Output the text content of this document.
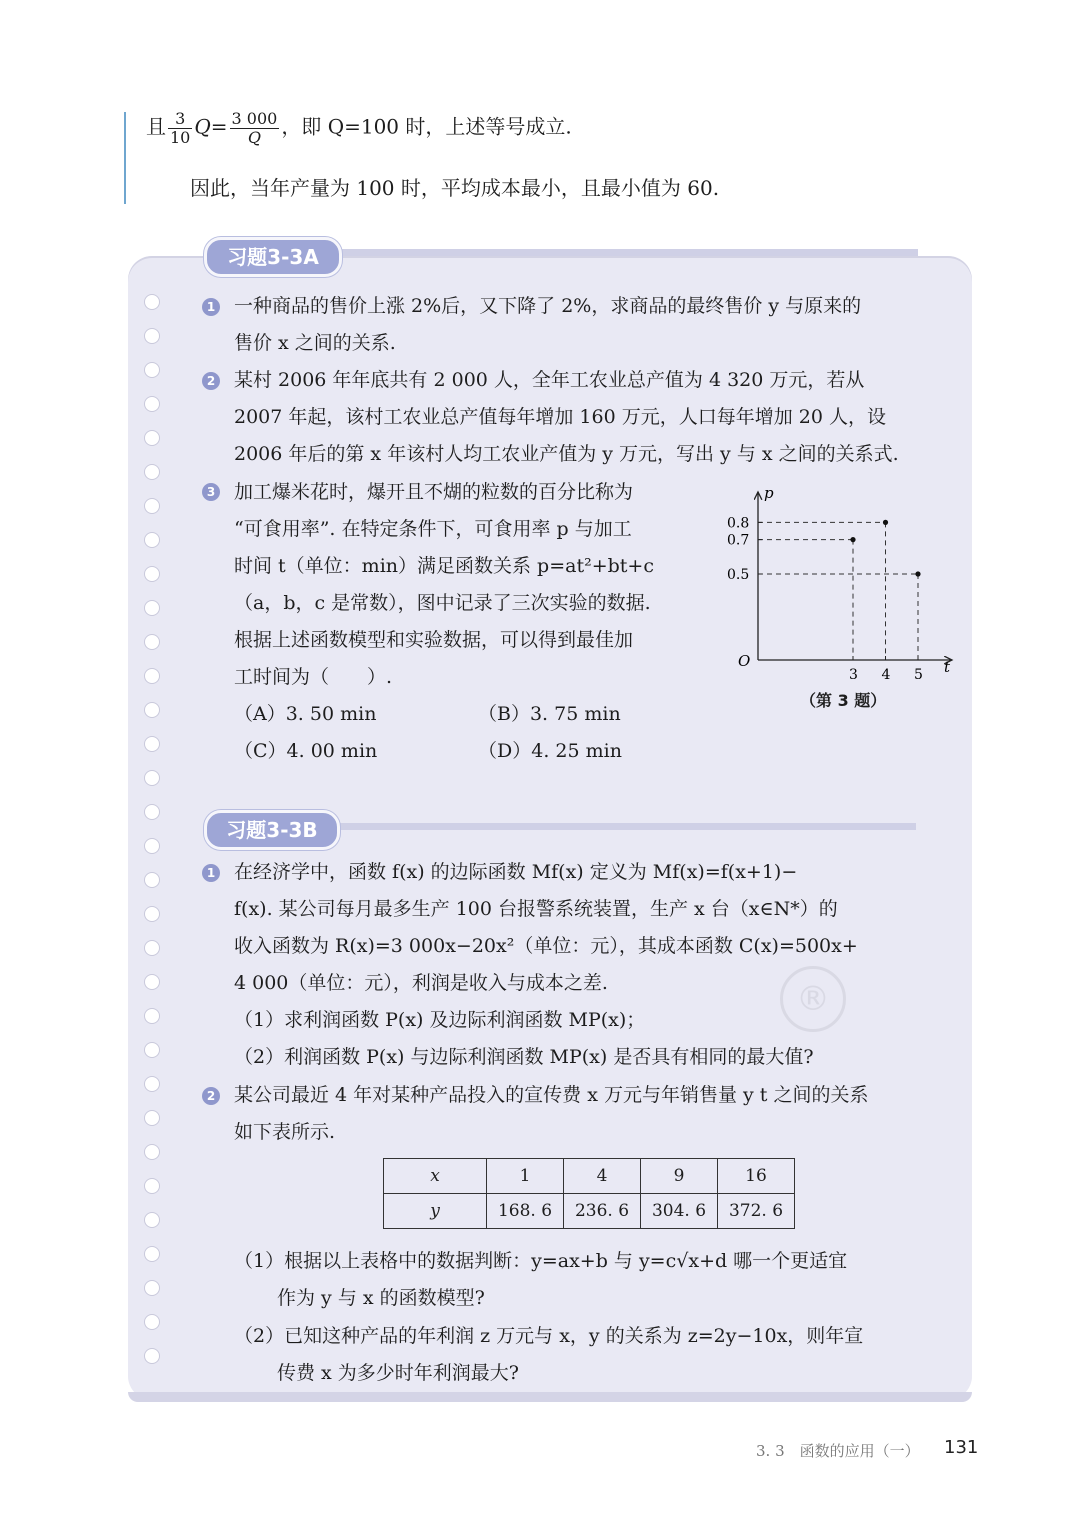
且 $\frac{3}{10} Q= \frac{3 000}{Q}$ ，即 Q=100 时，上述等号成立.
因此，当年产量为 100 时，平均成本最小，且最小值为 60.
习题3-3A
1 一种商品的售价上涨 2%后，又下降了 2%，求商品的最终售价 y 与原来的
售价 x 之间的关系.
2 某村 2006 年年底共有 2 000 人，全年工农业总产值为 4 320 万元，若从
2007 年起，该村工农业总产值每年增加 160 万元，人口每年增加 20 人，设
2006 年后的第 x 年该村人均工农业产值为 y 万元，写出 y 与 x 之间的关系式.
3 加工爆米花时，爆开且不煳的粒数的百分比称为
“可食用率”. 在特定条件下，可食用率 p 与加工
时间 t（单位：min）满足函数关系 p=at²+bt+c
（a，b，c 是常数），图中记录了三次实验的数据.
根据上述函数模型和实验数据，可以得到最佳加
工时间为（　　）.
（A）3. 50 min	（B）3. 75 min
（C）4. 00 min	（D）4. 25 min
p
t
O
3 4 5
0.5
0.7
0.8
（第 3 题）
习题3-3B
1 在经济学中，函数 f(x) 的边际函数 Mf(x) 定义为 Mf(x)=f(x+1)−
f(x). 某公司每月最多生产 100 台报警系统装置，生产 x 台（x∈N*）的
收入函数为 R(x)=3 000x−20x²（单位：元），其成本函数 C(x)=500x+
4 000（单位：元），利润是收入与成本之差.
（1）求利润函数 P(x) 及边际利润函数 MP(x)；
（2）利润函数 P(x) 与边际利润函数 MP(x) 是否具有相同的最大值?
®
2 某公司最近 4 年对某种产品投入的宣传费 x 万元与年销售量 y t 之间的关系
如下表所示.
x	1	4	9	16
y	168. 6	236. 6	304. 6	372. 6
（1）根据以上表格中的数据判断：y=ax+b 与 y=c√x+d 哪一个更适宜
作为 y 与 x 的函数模型?
（2）已知这种产品的年利润 z 万元与 x，y 的关系为 z=2y−10x，则年宣
传费 x 为多少时年利润最大?
3. 3　函数的应用（一） 131
